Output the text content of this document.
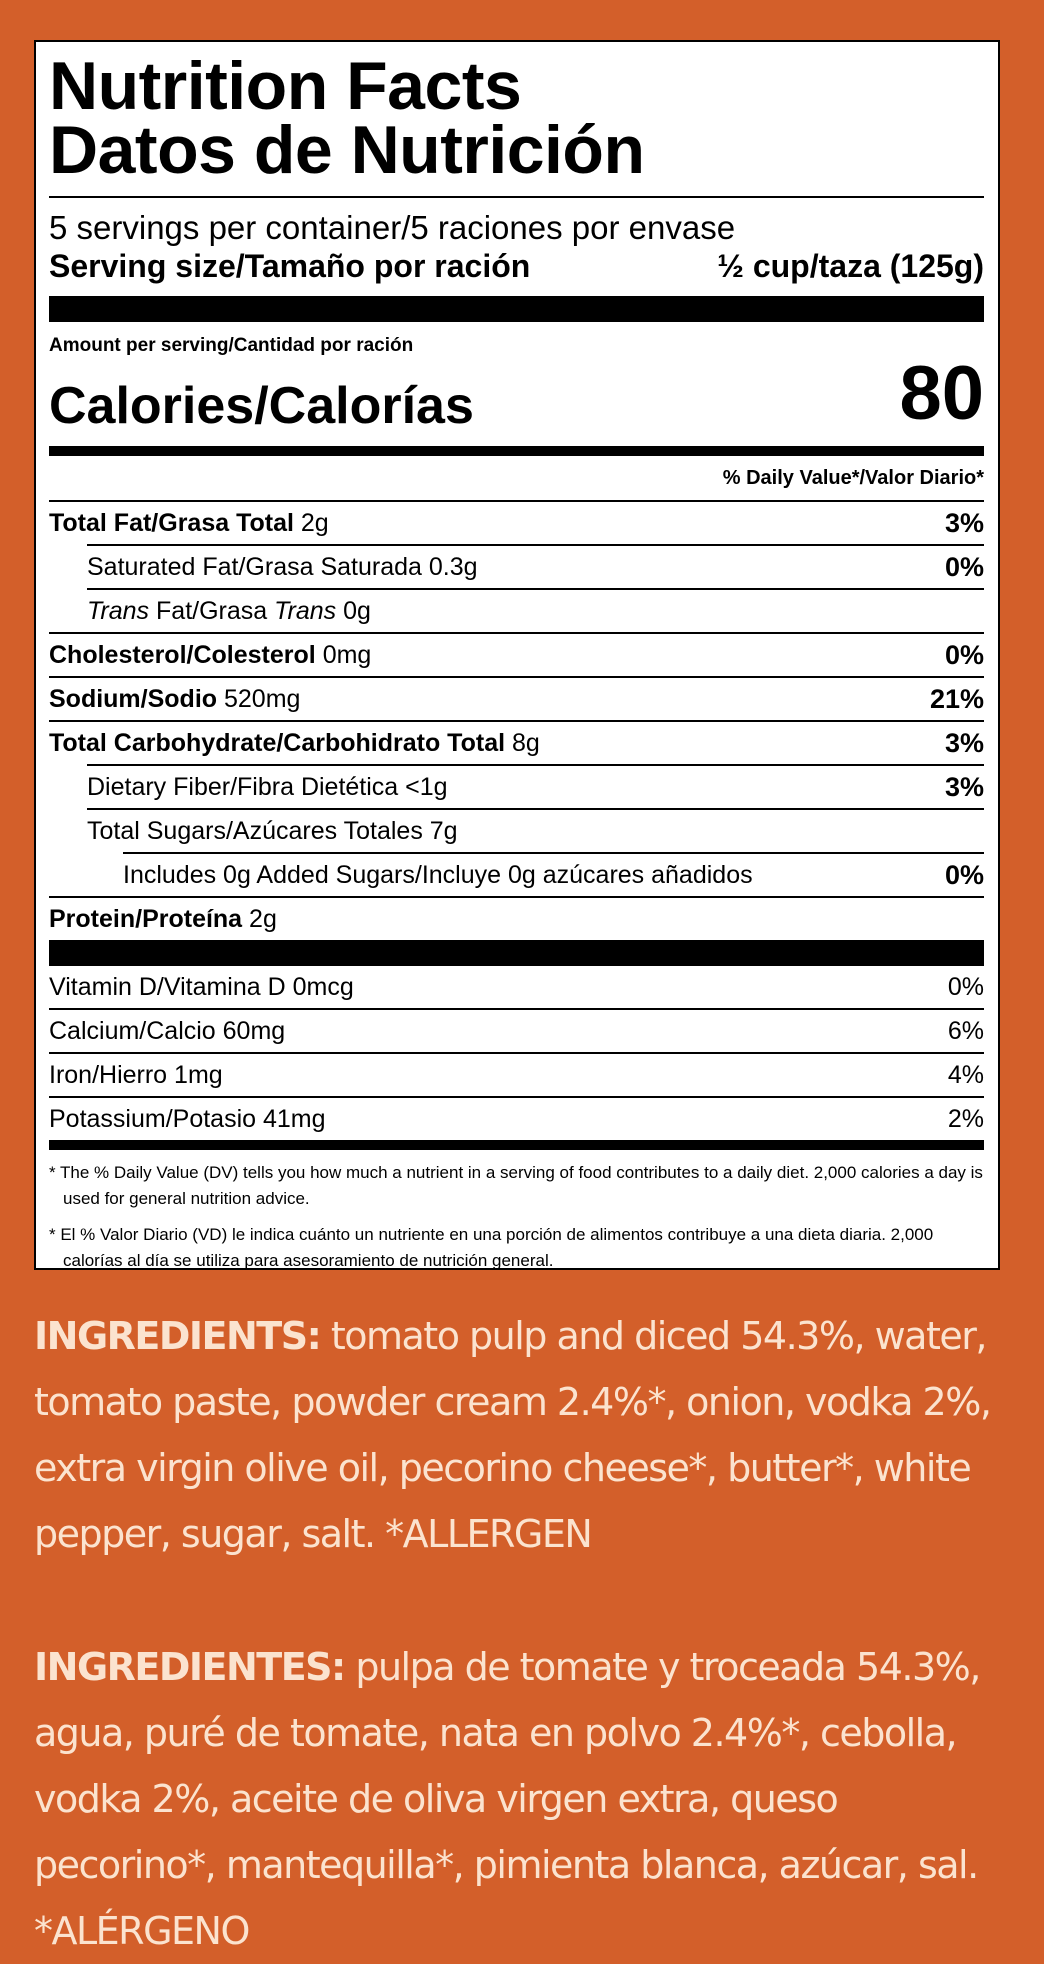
Nutrition Facts
Datos de Nutrición
5 servings per container/5 raciones por envase
Serving size/Tamaño por ración	½ cup/taza (125g)
Amount per serving/Cantidad por ración
Calories/Calorías	80
% Daily Value*/Valor Diario*
Total Fat/Grasa Total 2g	3%
Saturated Fat/Grasa Saturada 0.3g	0%
Trans Fat/Grasa Trans 0g
Cholesterol/Colesterol 0mg	0%
Sodium/Sodio 520mg	21%
Total Carbohydrate/Carbohidrato Total 8g	3%
Dietary Fiber/Fibra Dietética <1g	3%
Total Sugars/Azúcares Totales 7g
Includes 0g Added Sugars/Incluye 0g azúcares añadidos	0%
Protein/Proteína 2g
Vitamin D/Vitamina D 0mcg	0%
Calcium/Calcio 60mg	6%
Iron/Hierro 1mg	4%
Potassium/Potasio 41mg	2%
* The % Daily Value (DV) tells you how much a nutrient in a serving of food contributes to a daily diet. 2,000 calories a day is used for general nutrition advice.
* El % Valor Diario (VD) le indica cuánto un nutriente en una porción de alimentos contribuye a una dieta diaria. 2,000 calorías al día se utiliza para asesoramiento de nutrición general.
INGREDIENTS: tomato pulp and diced 54.3%, water, tomato paste, powder cream 2.4%*, onion, vodka 2%, extra virgin olive oil, pecorino cheese*, butter*, white pepper, sugar, salt. *ALLERGEN
INGREDIENTES: pulpa de tomate y troceada 54.3%, agua, puré de tomate, nata en polvo 2.4%*, cebolla, vodka 2%, aceite de oliva virgen extra, queso pecorino*, mantequilla*, pimienta blanca, azúcar, sal. *ALÉRGENO
